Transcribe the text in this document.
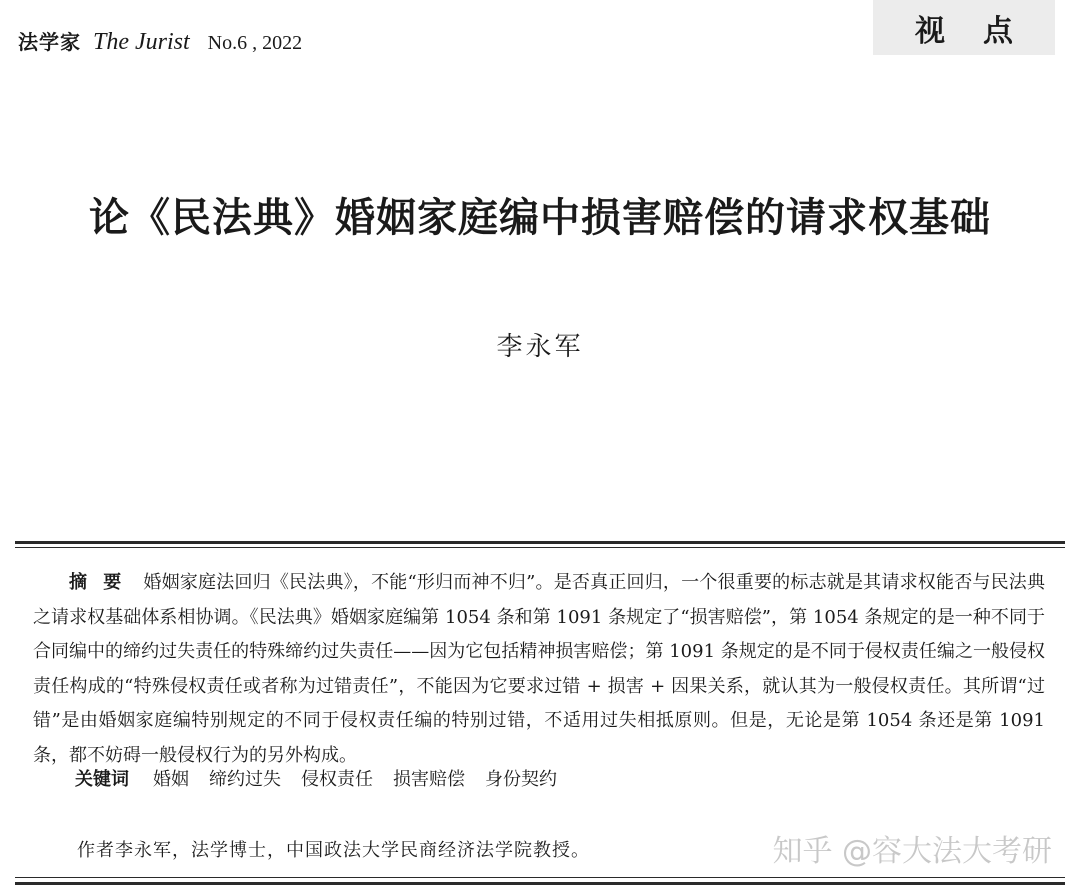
法学家 The Jurist No.6 , 2022	视点
论《民法典》婚姻家庭编中损害赔偿的请求权基础
李永军
摘要 婚姻家庭法回归《民法典》，不能“形归而神不归”。是否真正回归，一个很重要的标志就是其请求权能否与民法典之请求权基础体系相协调。《民法典》婚姻家庭编第 1054 条和第 1091 条规定了“损害赔偿”，第 1054 条规定的是一种不同于合同编中的缔约过失责任的特殊缔约过失责任——因为它包括精神损害赔偿；第 1091 条规定的是不同于侵权责任编之一般侵权责任构成的“特殊侵权责任或者称为过错责任”，不能因为它要求过错 + 损害 + 因果关系，就认其为一般侵权责任。其所谓“过错”是由婚姻家庭编特别规定的不同于侵权责任编的特别过错，不适用过失相抵原则。但是，无论是第 1054 条还是第 1091 条，都不妨碍一般侵权行为的另外构成。
关键词 婚姻 缔约过失 侵权责任 损害赔偿 身份契约
作者李永军，法学博士，中国政法大学民商经济法学院教授。	知乎 @容大法大考研
